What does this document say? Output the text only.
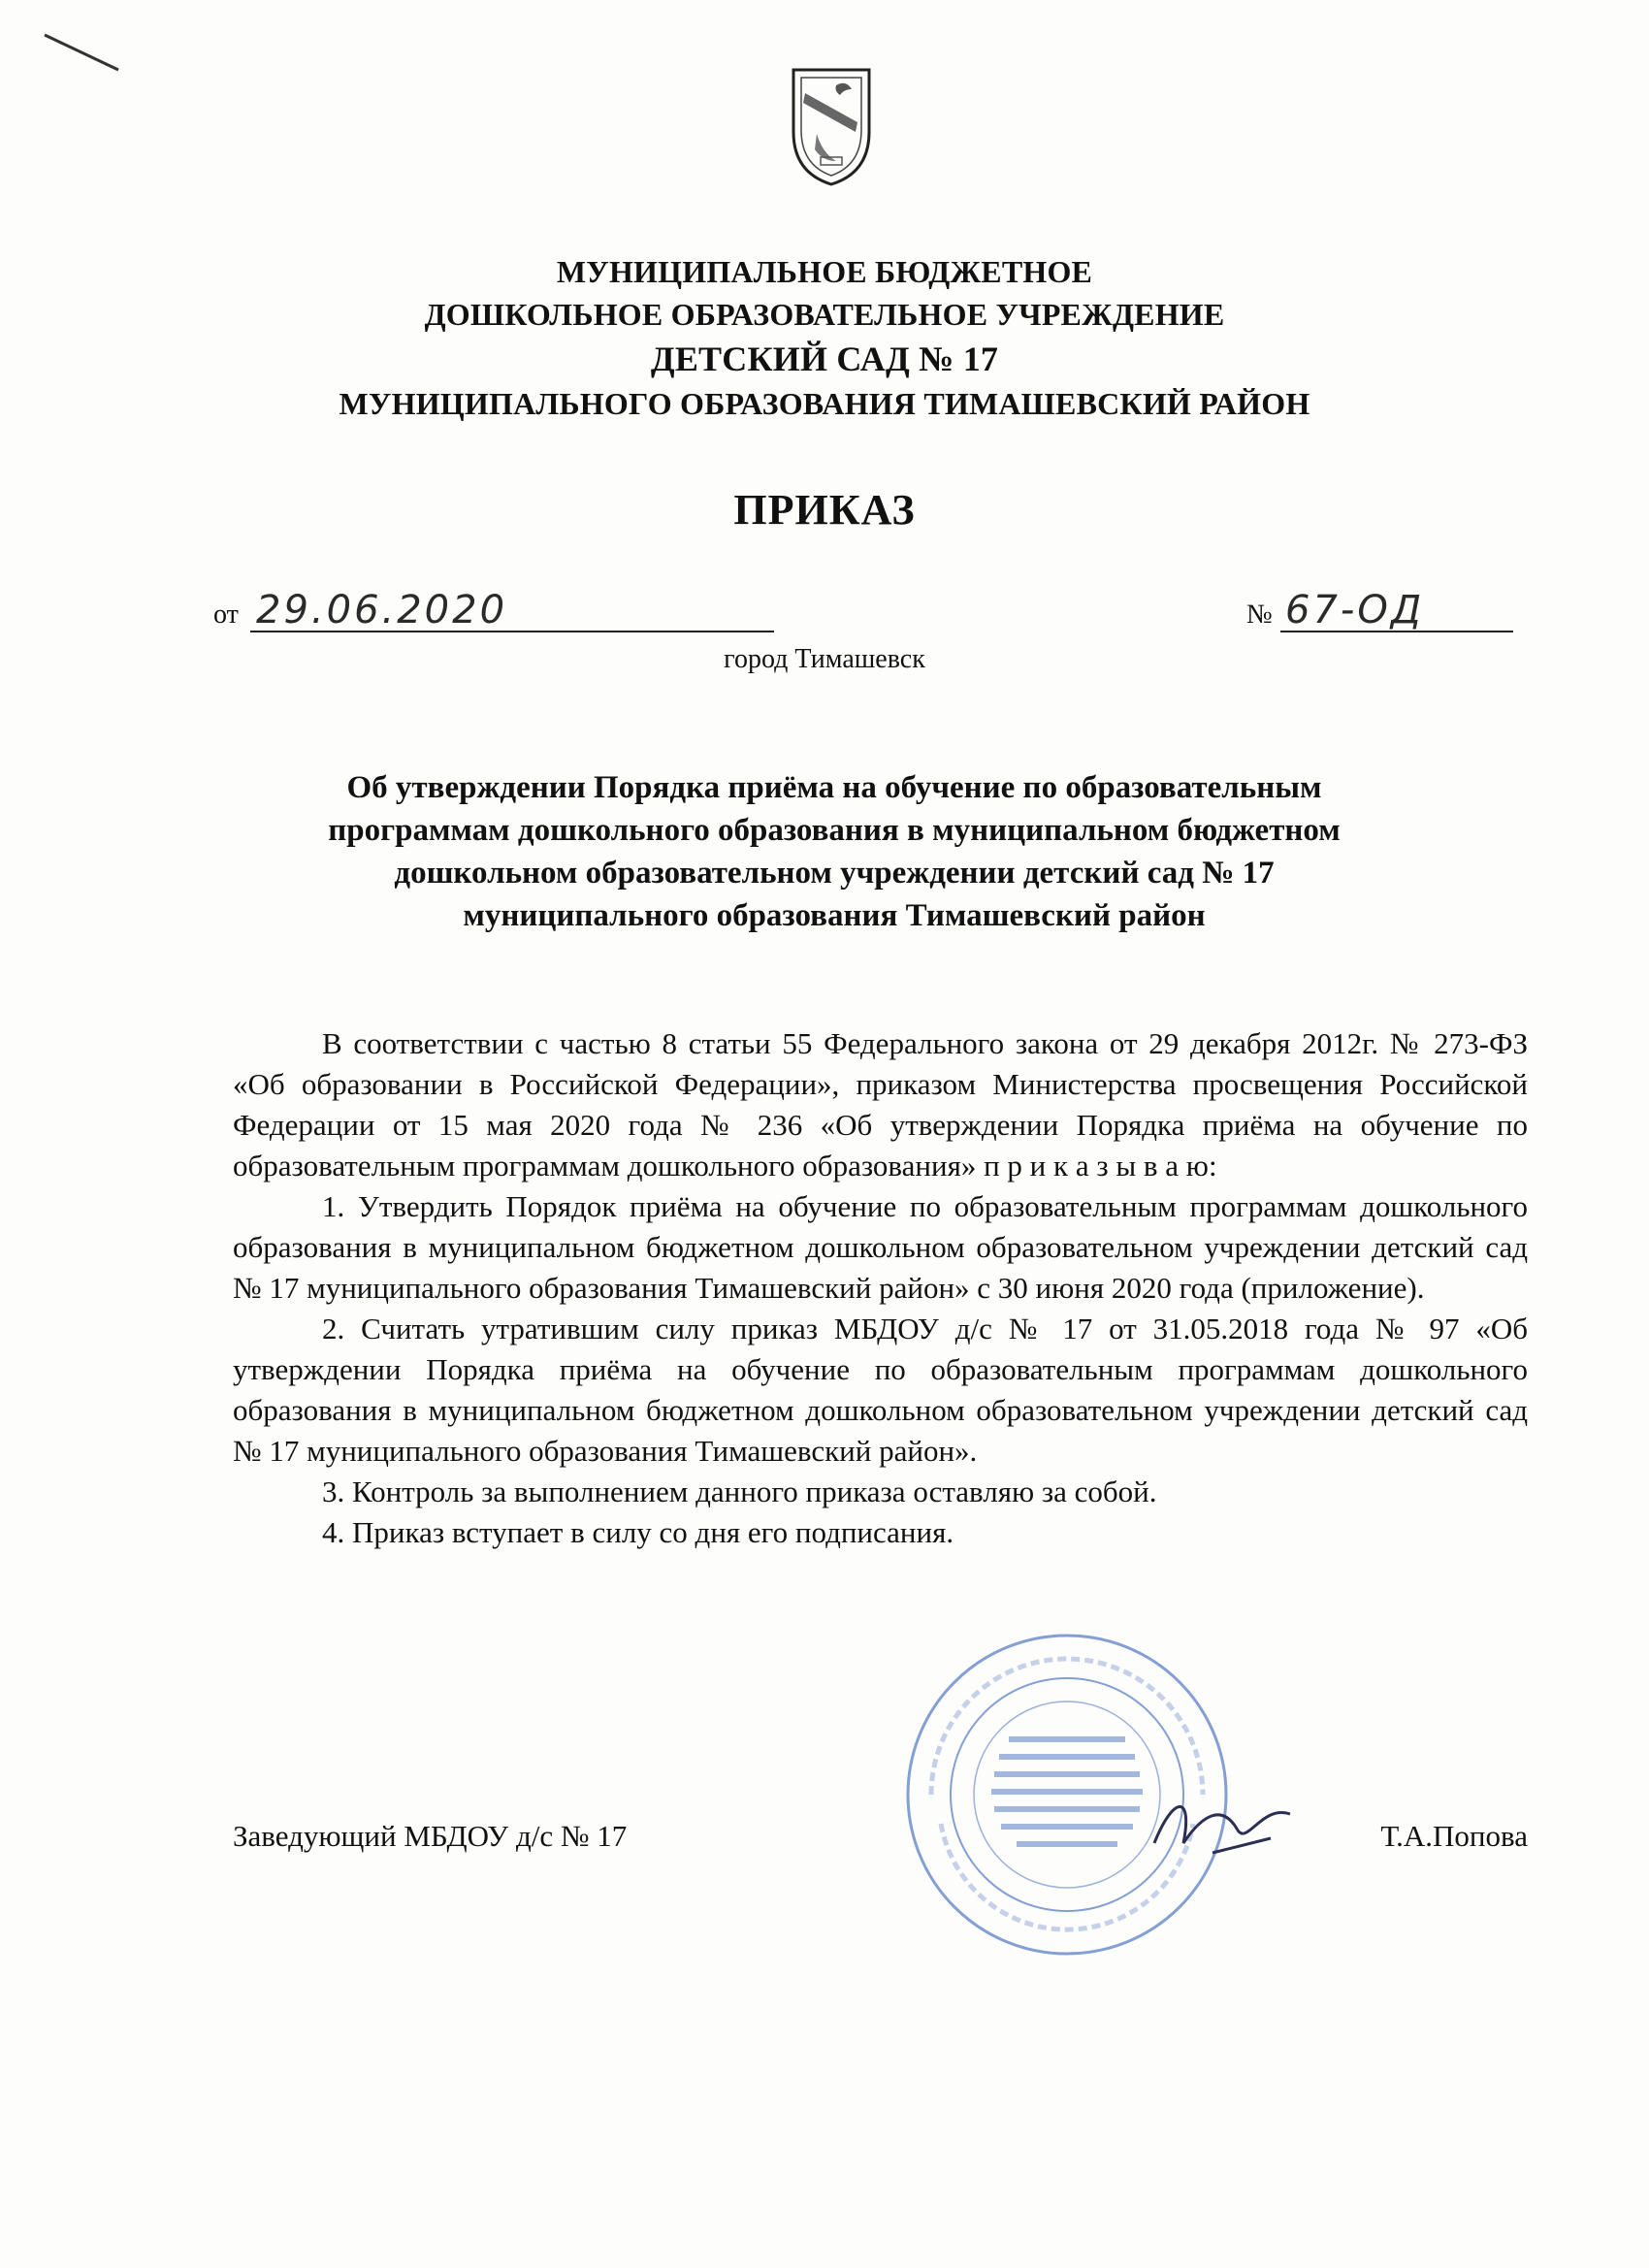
МУНИЦИПАЛЬНОЕ БЮДЖЕТНОЕ
ДОШКОЛЬНОЕ ОБРАЗОВАТЕЛЬНОЕ УЧРЕЖДЕНИЕ
ДЕТСКИЙ САД № 17
МУНИЦИПАЛЬНОГО ОБРАЗОВАНИЯ ТИМАШЕВСКИЙ РАЙОН
ПРИКАЗ
от 29.06.2020	№ 67-ОД
город Тимашевск
Об утверждении Порядка приёма на обучение по образовательным
программам дошкольного образования в муниципальном бюджетном
дошкольном образовательном учреждении детский сад № 17
муниципального образования Тимашевский район

В соответствии с частью 8 статьи 55 Федерального закона от 29 декабря 2012г. № 273-ФЗ «Об образовании в Российской Федерации», приказом Министерства просвещения Российской Федерации от 15 мая 2020 года № 236 «Об утверждении Порядка приёма на обучение по образовательным программам дошкольного образования» п р и к а з ы в а ю:

1. Утвердить Порядок приёма на обучение по образовательным программам дошкольного образования в муниципальном бюджетном дошкольном образовательном учреждении детский сад № 17 муниципального образования Тимашевский район» с 30 июня 2020 года (приложение).

2. Считать утратившим силу приказ МБДОУ д/с № 17 от 31.05.2018 года № 97 «Об утверждении Порядка приёма на обучение по образовательным программам дошкольного образования в муниципальном бюджетном дошкольном образовательном учреждении детский сад № 17 муниципального образования Тимашевский район».

3. Контроль за выполнением данного приказа оставляю за собой.

4. Приказ вступает в силу со дня его подписания.

Заведующий МБДОУ д/с № 17	Т.А.Попова
